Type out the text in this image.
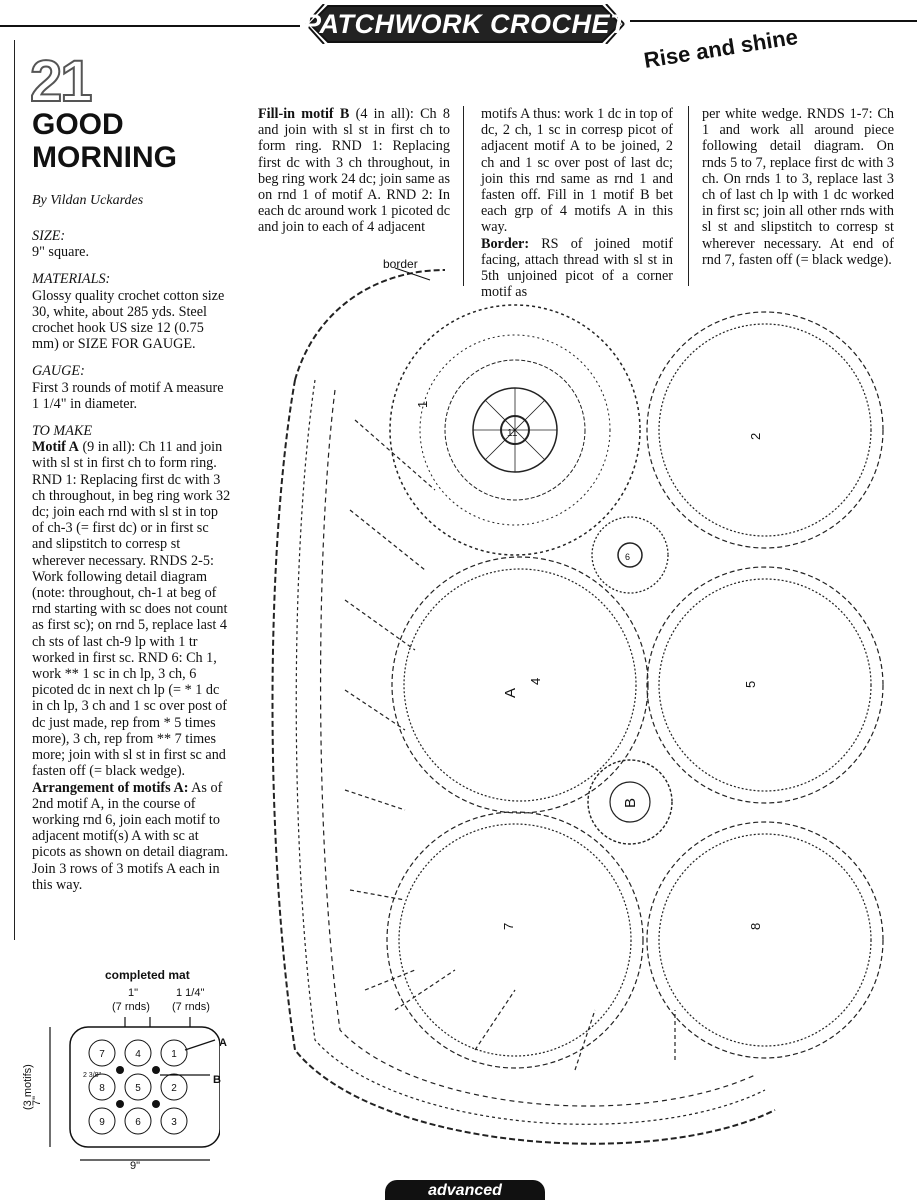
PATCHWORK CROCHET Rise and shine
21
GOOD
MORNING
By Vildan Uckardes
SIZE:

9" square.

MATERIALS:

Glossy quality crochet cotton size 30, white, about 285 yds. Steel crochet hook US size 12 (0.75 mm) or SIZE FOR GAUGE.

GAUGE:

First 3 rounds of motif A measure 1 1/4" in diameter.

TO MAKE

Motif A (9 in all): Ch 11 and join with sl st in first ch to form ring. RND 1: Replacing first dc with 3 ch throughout, in beg ring work 32 dc; join each rnd with sl st in top of ch-3 (= first dc) or in first sc and slipstitch to corresp st wherever necessary. RNDS 2-5: Work following detail diagram (note: throughout, ch-1 at beg of rnd starting with sc does not count as first sc); on rnd 5, replace last 4 ch sts of last ch-9 lp with 1 tr worked in first sc. RND 6: Ch 1, work ** 1 sc in ch lp, 3 ch, 6 picoted dc in next ch lp (= * 1 dc in ch lp, 3 ch and 1 sc over post of dc just made, rep from * 5 times more), 3 ch, rep from ** 7 times more; join with sl st in first sc and fasten off (= black wedge).

Arrangement of motifs A: As of 2nd motif A, in the course of working rnd 6, join each motif to adjacent motif(s) A with sc at picots as shown on detail diagram. Join 3 rows of 3 motifs A each in this way.

Fill-in motif B (4 in all): Ch 8 and join with sl st in first ch to form ring. RND 1: Replacing first dc with 3 ch throughout, in beg ring work 24 dc; join same as on rnd 1 of motif A. RND 2: In each dc around work 1 picoted dc and join to each of 4 adjacent

motifs A thus: work 1 dc in top of dc, 2 ch, 1 sc in corresp picot of adjacent motif A to be joined, 2 ch and 1 sc over post of last dc; join this rnd same as rnd 1 and fasten off. Fill in 1 motif B bet each grp of 4 motifs A in this way.

Border: RS of joined motif facing, attach thread with sl st in 5th unjoined picot of a corner motif as

per white wedge. RNDS 1-7: Ch 1 and work all around piece following detail diagram. On rnds 5 to 7, replace first dc with 3 ch. On rnds 1 to 3, replace last 3 ch of last ch lp with 1 dc worked in first sc; join all other rnds with sl st and slipstitch to corresp st wherever necessary. At end of rnd 7, fasten off (= black wedge).

11
6
border
1
2
4	5
7	8
A
B
completed mat
1"
(7 rnds)
1 1/4"
(7 rnds)
A
B
7"
(3 motifs)
9"
7	4	1
8	5	2
9	6	3
2 3/8"
advanced
